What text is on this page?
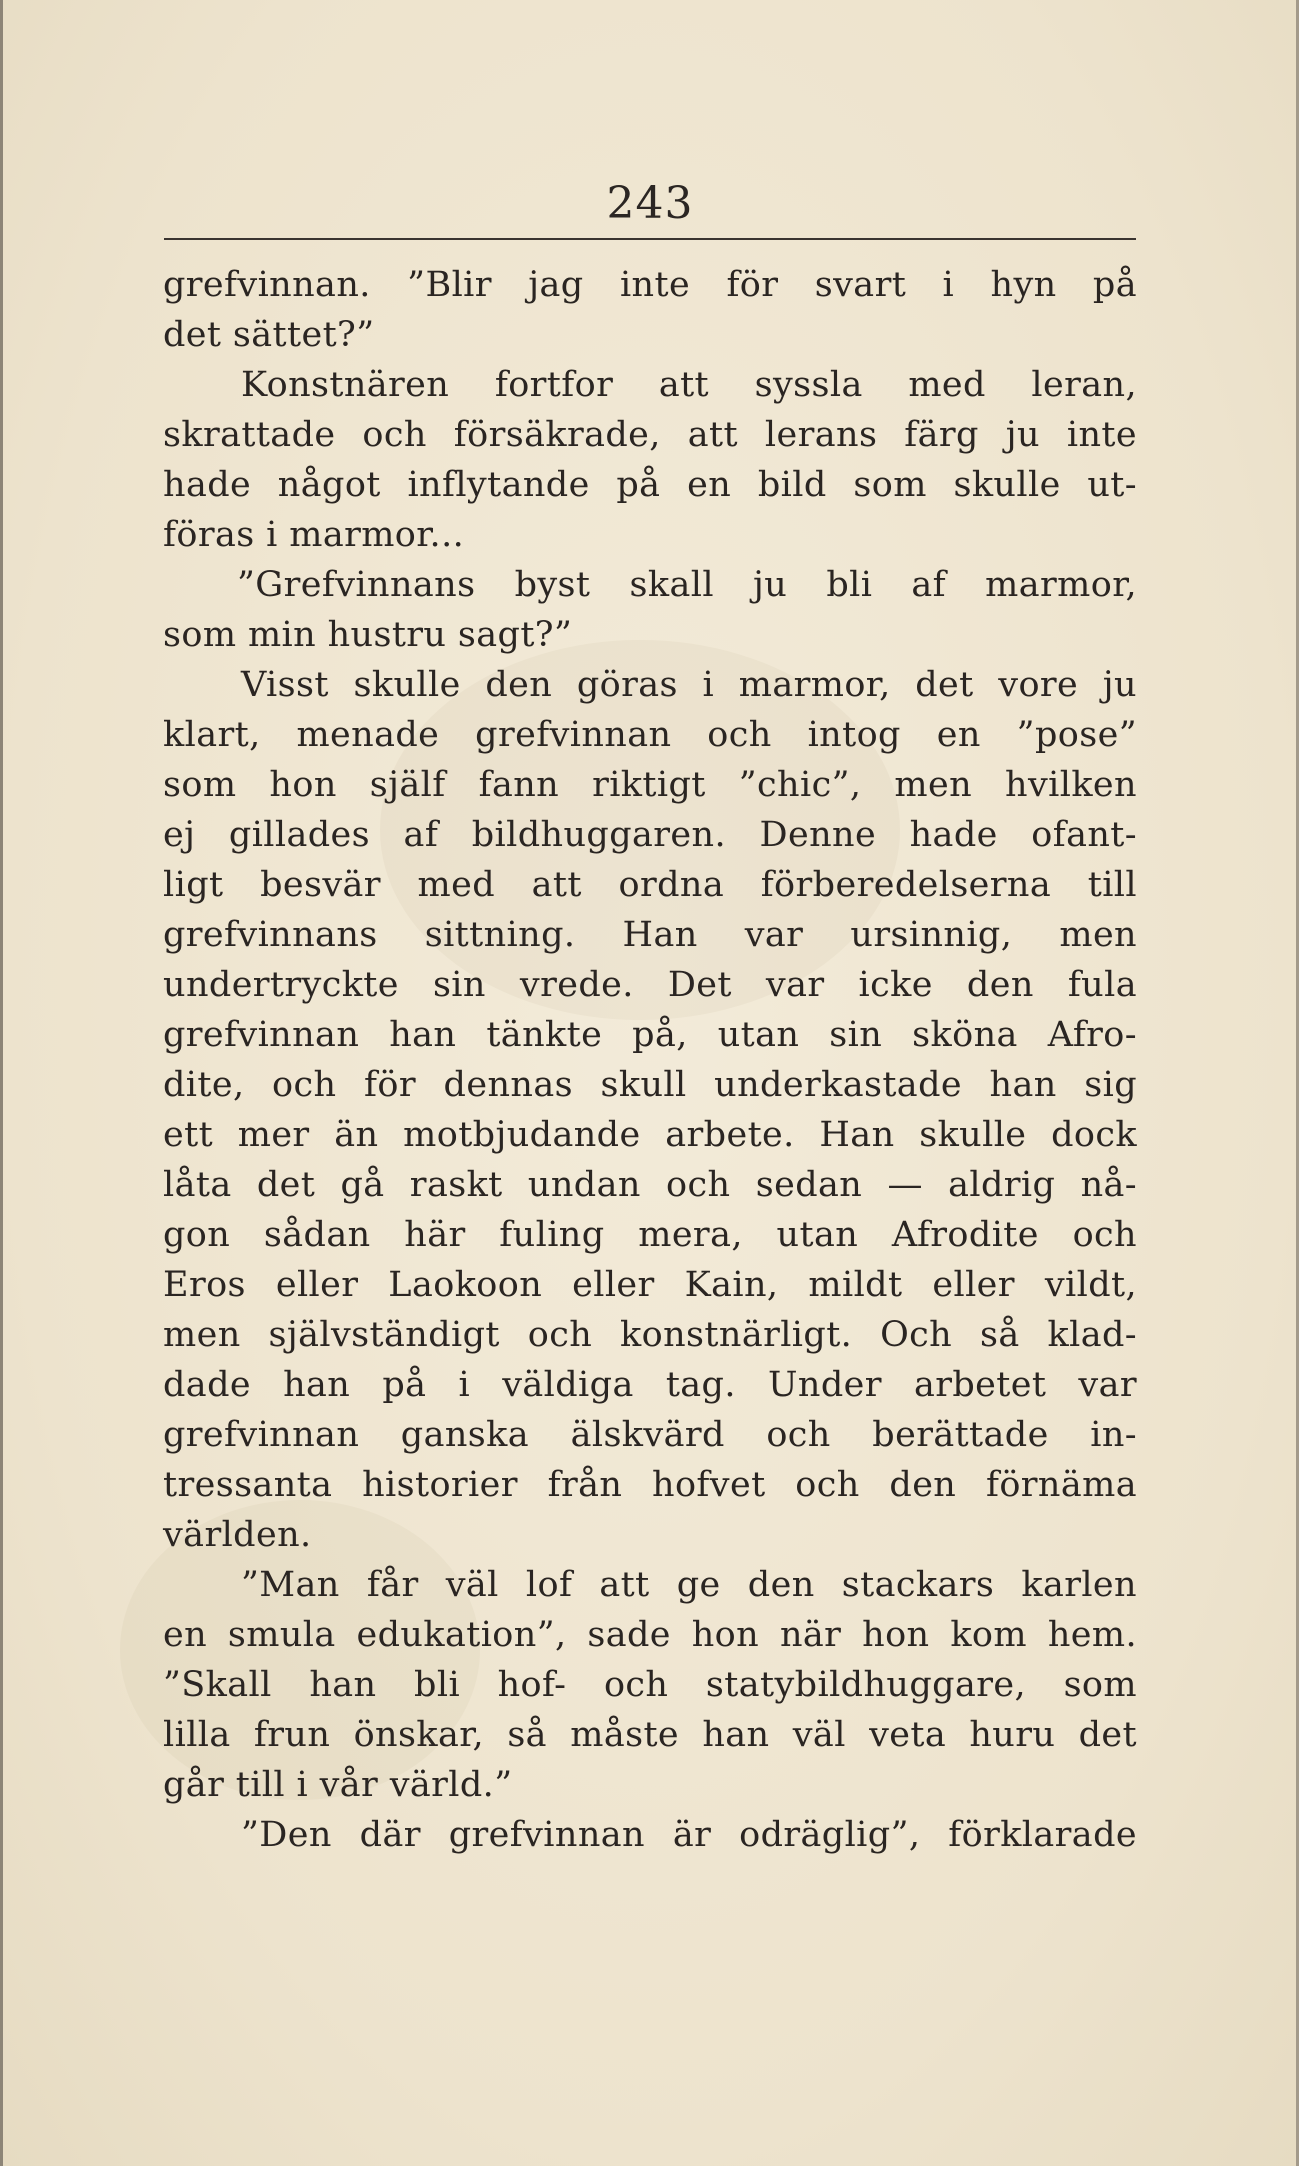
243
grefvinnan. ”Blir jag inte för svart i hyn på
det sättet?”
Konstnären fortfor att syssla med leran,
skrattade och försäkrade, att lerans färg ju inte
hade något inflytande på en bild som skulle ut-
föras i marmor...
”Grefvinnans byst skall ju bli af marmor,
som min hustru sagt?”
Visst skulle den göras i marmor, det vore ju
klart, menade grefvinnan och intog en ”pose”
som hon själf fann riktigt ”chic”, men hvilken
ej gillades af bildhuggaren. Denne hade ofant-
ligt besvär med att ordna förberedelserna till
grefvinnans sittning. Han var ursinnig, men
undertryckte sin vrede. Det var icke den fula
grefvinnan han tänkte på, utan sin sköna Afro-
dite, och för dennas skull underkastade han sig
ett mer än motbjudande arbete. Han skulle dock
låta det gå raskt undan och sedan — aldrig nå-
gon sådan här fuling mera, utan Afrodite och
Eros eller Laokoon eller Kain, mildt eller vildt,
men självständigt och konstnärligt. Och så klad-
dade han på i väldiga tag. Under arbetet var
grefvinnan ganska älskvärd och berättade in-
tressanta historier från hofvet och den förnäma
världen.
”Man får väl lof att ge den stackars karlen
en smula edukation”, sade hon när hon kom hem.
”Skall han bli hof- och statybildhuggare, som
lilla frun önskar, så måste han väl veta huru det
går till i vår värld.”
”Den där grefvinnan är odräglig”, förklarade
